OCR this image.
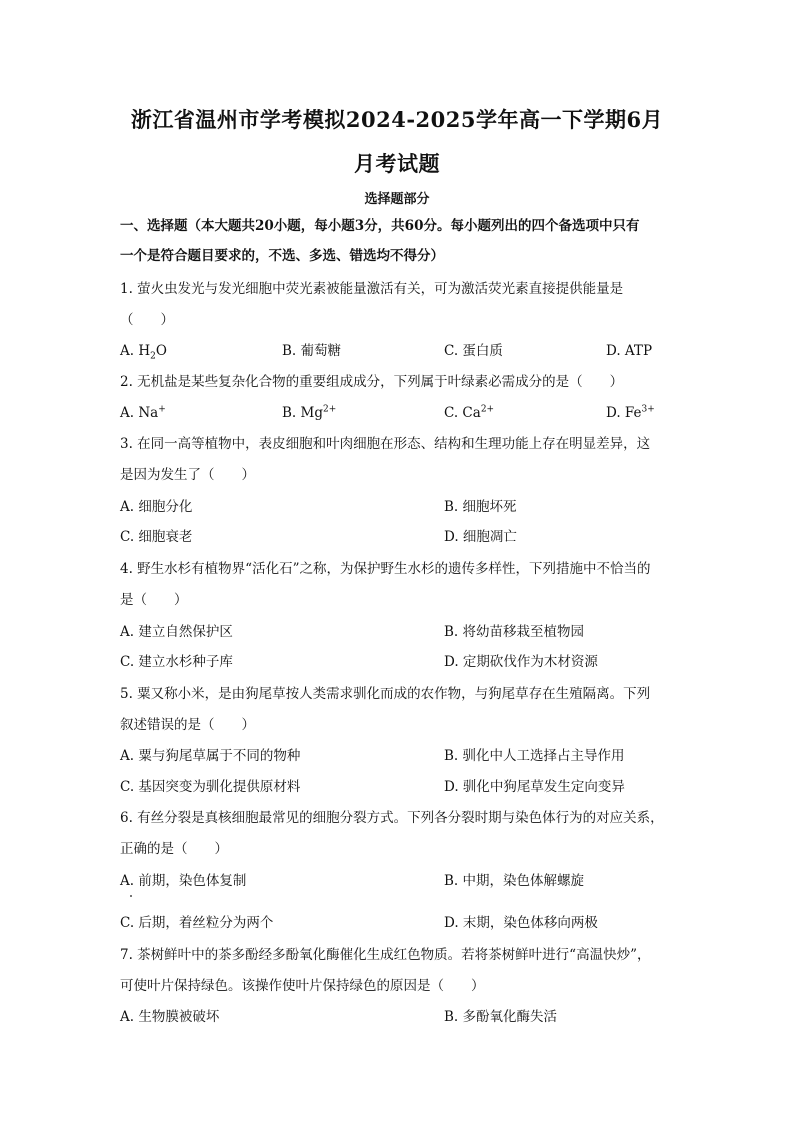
浙江省温州市学考模拟2024-2025学年高一下学期6月
月考试题
选择题部分
一、选择题（本大题共20小题，每小题3分，共60分。每小题列出的四个备选项中只有
一个是符合题目要求的，不选、多选、错选均不得分）
1. 萤火虫发光与发光细胞中荧光素被能量激活有关，可为激活荧光素直接提供能量是
（　　）
A. $H_2O$	B. 葡萄糖	C. 蛋白质	D. ATP
2. 无机盐是某些复杂化合物的重要组成成分，下列属于叶绿素必需成分的是（　　）
A. Na+	B. $Mg^{2+}$	C. $Ca^{2+}$	D. $Fe^{3+}$
3. 在同一高等植物中，表皮细胞和叶肉细胞在形态、结构和生理功能上存在明显差异，这
是因为发生了（　　）
A. 细胞分化	B. 细胞坏死
C. 细胞衰老	D. 细胞凋亡
4. 野生水杉有植物界“活化石”之称，为保护野生水杉的遗传多样性，下列措施中不恰当的
是（　　）
A. 建立自然保护区	B. 将幼苗移栽至植物园
C. 建立水杉种子库	D. 定期砍伐作为木材资源
5. 粟又称小米，是由狗尾草按人类需求驯化而成的农作物，与狗尾草存在生殖隔离。下列
叙述错误的是（　　）
A. 粟与狗尾草属于不同的物种	B. 驯化中人工选择占主导作用
C. 基因突变为驯化提供原材料	D. 驯化中狗尾草发生定向变异
6. 有丝分裂是真核细胞最常见的细胞分裂方式。下列各分裂时期与染色体行为的对应关系，
正确的是（　　）
A. 前期，染色体复制	B. 中期，染色体解螺旋
C. 后期，着丝粒分为两个	D. 末期，染色体移向两极
7. 茶树鲜叶中的茶多酚经多酚氧化酶催化生成红色物质。若将茶树鲜叶进行“高温快炒”，
可使叶片保持绿色。该操作使叶片保持绿色的原因是（　　）
A. 生物膜被破坏	B. 多酚氧化酶失活
